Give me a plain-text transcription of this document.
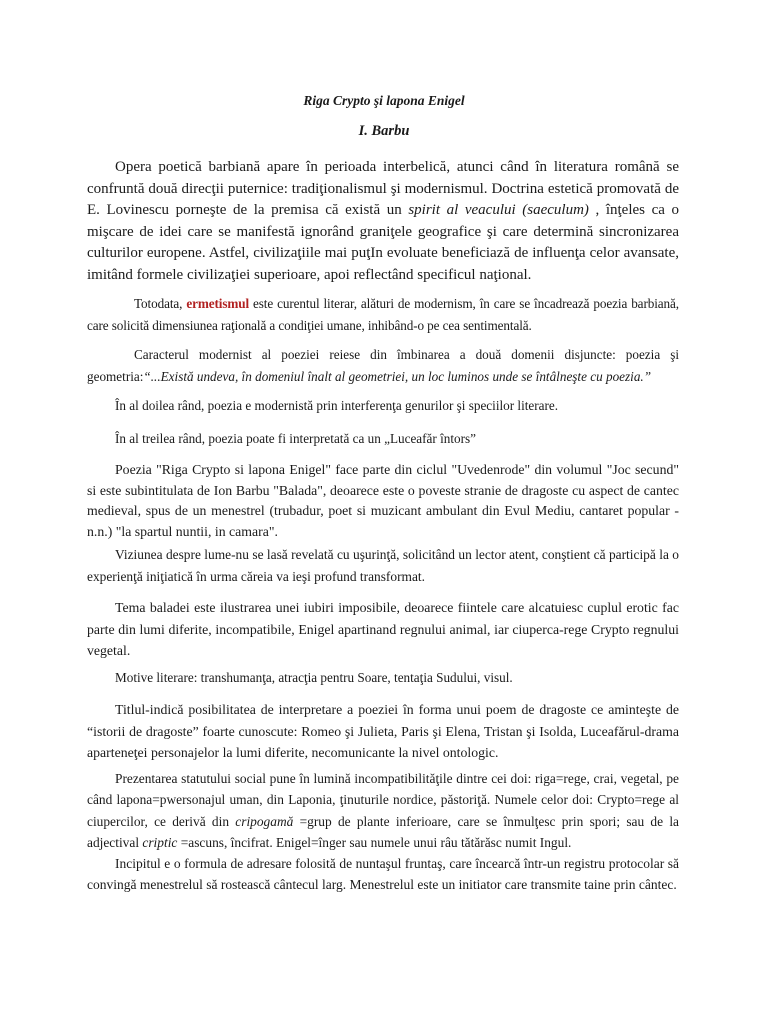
Riga Crypto şi lapona Enigel
I. Barbu

Opera poetică barbiană apare în perioada interbelică, atunci când în literatura română se confruntă două direcţii puternice: tradiţionalismul şi modernismul. Doctrina estetică promovată de E. Lovinescu porneşte de la premisa că există un spirit al veacului (saeculum) , înţeles ca o mişcare de idei care se manifestă ignorând graniţele geografice şi care determină sincronizarea culturilor europene. Astfel, civilizaţiile mai puţIn evoluate beneficiază de influenţa celor avansate, imitând formele civilizaţiei superioare, apoi reflectând specificul naţional.

Totodata, ermetismul este curentul literar, alături de modernism, în care se încadrează poezia barbiană, care solicită dimensiunea raţională a condiţiei umane, inhibând-o pe cea sentimentală.

Caracterul modernist al poeziei reiese din îmbinarea a două domenii disjuncte: poezia şi geometria:“...Există undeva, în domeniul înalt al geometriei, un loc luminos unde se întâlneşte cu poezia.”

În al doilea rând, poezia e modernistă prin interferenţa genurilor şi speciilor literare.

În al treilea rând, poezia poate fi interpretată ca un „Luceafăr întors”

Poezia "Riga Crypto si lapona Enigel" face parte din ciclul "Uvedenrode" din volumul "Joc secund" si este subintitulata de Ion Barbu "Balada", deoarece este o poveste stranie de dragoste cu aspect de cantec medieval, spus de un menestrel (trubadur, poet si muzicant ambulant din Evul Mediu, cantaret popular - n.n.) "la spartul nuntii, in camara".

Viziunea despre lume-nu se lasă revelată cu uşurinţă, solicitând un lector atent, conştient că participă la o experienţă iniţiatică în urma căreia va ieşi profund transformat.

Tema baladei este ilustrarea unei iubiri imposibile, deoarece fiintele care alcatuiesc cuplul erotic fac parte din lumi diferite, incompatibile, Enigel apartinand regnului animal, iar ciuperca-rege Crypto regnului vegetal.

Motive literare: transhumanţa, atracţia pentru Soare, tentaţia Sudului, visul.

Titlul-indică posibilitatea de interpretare a poeziei în forma unui poem de dragoste ce aminteşte de “istorii de dragoste” foarte cunoscute: Romeo şi Julieta, Paris şi Elena, Tristan şi Isolda, Luceafărul-drama aparteneţei personajelor la lumi diferite, necomunicante la nivel ontologic.

Prezentarea statutului social pune în lumină incompatibilităţile dintre cei doi: riga=rege, crai, vegetal, pe când lapona=pwersonajul uman, din Laponia, ţinuturile nordice, păstoriţă. Numele celor doi: Crypto=rege al ciupercilor, ce derivă din cripogamă =grup de plante inferioare, care se înmulţesc prin spori; sau de la adjectival criptic =ascuns, încifrat. Enigel=înger sau numele unui râu tătărăsc numit Ingul.

Incipitul e o formula de adresare folosită de nuntaşul fruntaş, care încearcă într-un registru protocolar să convingă menestrelul să rostească cântecul larg. Menestrelul este un initiator care transmite taine prin cântec.
